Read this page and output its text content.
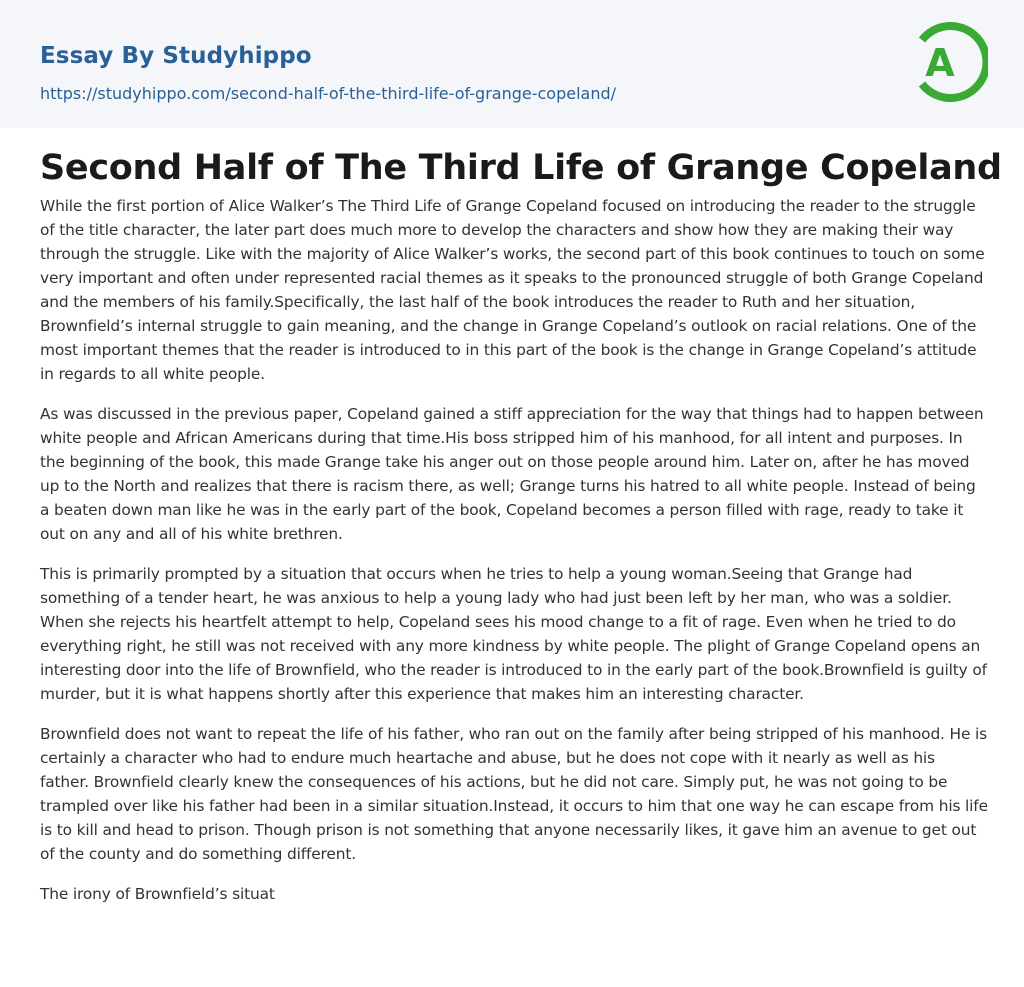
Essay By Studyhippo
https://studyhippo.com/second-half-of-the-third-life-of-grange-copeland/
A
Second Half of The Third Life of Grange Copeland

While the first portion of Alice Walker’s The Third Life of Grange Copeland focused on introducing the reader to the struggle of the title character, the later part does much more to develop the characters and show how they are making their way through the struggle. Like with the majority of Alice Walker’s works, the second part of this book continues to touch on some very important and often under represented racial themes as it speaks to the pronounced struggle of both Grange Copeland and the members of his family.Specifically, the last half of the book introduces the reader to Ruth and her situation, Brownfield’s internal struggle to gain meaning, and the change in Grange Copeland’s outlook on racial relations. One of the most important themes that the reader is introduced to in this part of the book is the change in Grange Copeland’s attitude in regards to all white people.

As was discussed in the previous paper, Copeland gained a stiff appreciation for the way that things had to happen between white people and African Americans during that time.His boss stripped him of his manhood, for all intent and purposes. In the beginning of the book, this made Grange take his anger out on those people around him. Later on, after he has moved up to the North and realizes that there is racism there, as well; Grange turns his hatred to all white people. Instead of being a beaten down man like he was in the early part of the book, Copeland becomes a person filled with rage, ready to take it out on any and all of his white brethren.

This is primarily prompted by a situation that occurs when he tries to help a young woman.Seeing that Grange had something of a tender heart, he was anxious to help a young lady who had just been left by her man, who was a soldier. When she rejects his heartfelt attempt to help, Copeland sees his mood change to a fit of rage. Even when he tried to do everything right, he still was not received with any more kindness by white people. The plight of Grange Copeland opens an interesting door into the life of Brownfield, who the reader is introduced to in the early part of the book.Brownfield is guilty of murder, but it is what happens shortly after this experience that makes him an interesting character.

Brownfield does not want to repeat the life of his father, who ran out on the family after being stripped of his manhood. He is certainly a character who had to endure much heartache and abuse, but he does not cope with it nearly as well as his father. Brownfield clearly knew the consequences of his actions, but he did not care. Simply put, he was not going to be trampled over like his father had been in a similar situation.Instead, it occurs to him that one way he can escape from his life is to kill and head to prison. Though prison is not something that anyone necessarily likes, it gave him an avenue to get out of the county and do something different.

The irony of Brownfield’s situat
